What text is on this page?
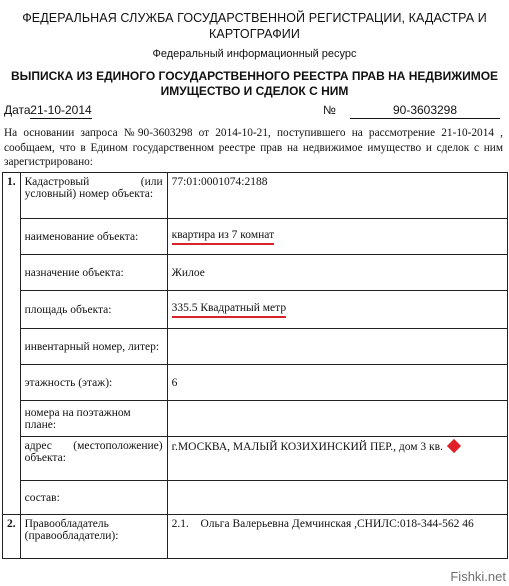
ФЕДЕРАЛЬНАЯ СЛУЖБА ГОСУДАРСТВЕННОЙ РЕГИСТРАЦИИ, КАДАСТРА И
КАРТОГРАФИИ
Федеральный информационный ресурс
ВЫПИСКА ИЗ ЕДИНОГО ГОСУДАРСТВЕННОГО РЕЕСТРА ПРАВ НА НЕДВИЖИМОЕ
ИМУЩЕСТВО И СДЕЛОК С НИМ
Дата 21-10-2014	№	90-3603298
На основании запроса №90-3603298 от 2014-10-21, поступившего на рассмотрение 21-10-2014 , сообщаем, что в Едином государственном реестре прав на недвижимое имущество и сделок с ним зарегистрировано:
1.	Кадастровый (или
условный) номер объекта:	77:01:0001074:2188
	наименование объекта:	квартира из 7 комнат
	назначение объекта:	Жилое
	площадь объекта:	335.5 Квадратный метр
	инвентарный номер, литер:	
	этажность (этаж):	6
	номера на поэтажном плане:	

	адрес (местоположение)
объекта:	г.МОСКВА, МАЛЫЙ КОЗИХИНСКИЙ ПЕР., дом 3 кв.
	состав:	
2.	Правообладатель
(правообладатели):	2.1. Ольга Валерьевна Демчинская ,СНИЛС:018-344-562 46
Fishki.net
